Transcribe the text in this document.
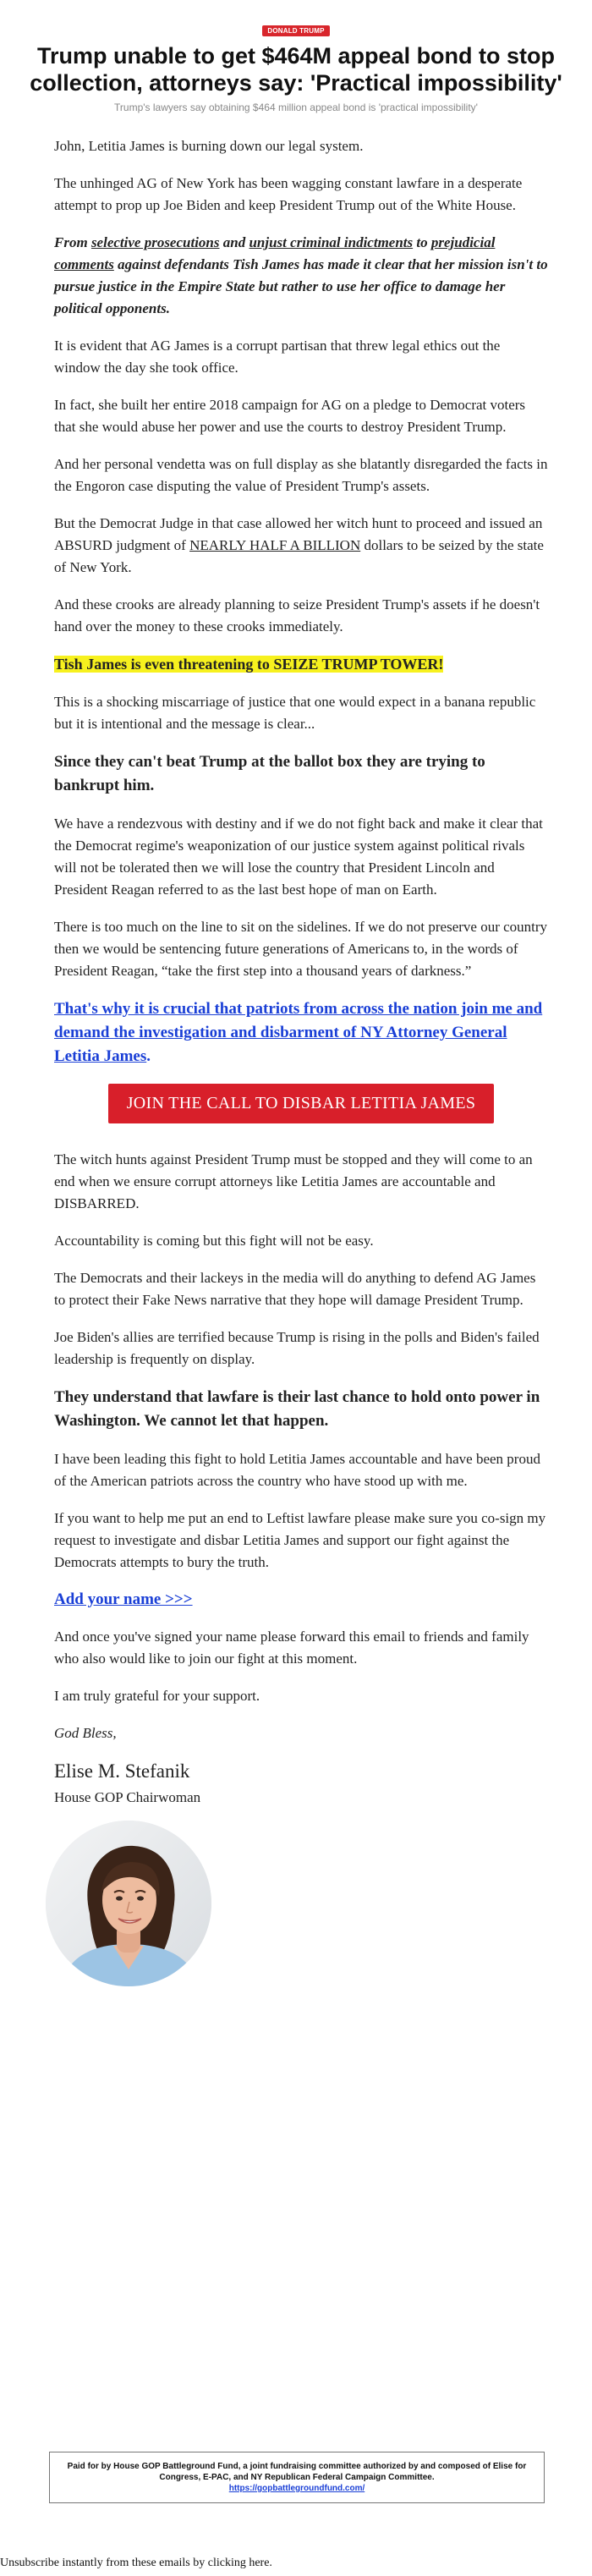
DONALD TRUMP
Trump unable to get $464M appeal bond to stop collection, attorneys say: 'Practical impossibility'

Trump's lawyers say obtaining $464 million appeal bond is 'practical impossibility'

John, Letitia James is burning down our legal system.

The unhinged AG of New York has been wagging constant lawfare in a desperate attempt to prop up Joe Biden and keep President Trump out of the White House.

From selective prosecutions and unjust criminal indictments to prejudicial comments against defendants Tish James has made it clear that her mission isn't to pursue justice in the Empire State but rather to use her office to damage her political opponents.

It is evident that AG James is a corrupt partisan that threw legal ethics out the window the day she took office.

In fact, she built her entire 2018 campaign for AG on a pledge to Democrat voters that she would abuse her power and use the courts to destroy President Trump.

And her personal vendetta was on full display as she blatantly disregarded the facts in the Engoron case disputing the value of President Trump's assets.

But the Democrat Judge in that case allowed her witch hunt to proceed and issued an ABSURD judgment of NEARLY HALF A BILLION dollars to be seized by the state of New York.

And these crooks are already planning to seize President Trump's assets if he doesn't hand over the money to these crooks immediately.

Tish James is even threatening to SEIZE TRUMP TOWER!

This is a shocking miscarriage of justice that one would expect in a banana republic but it is intentional and the message is clear...

Since they can't beat Trump at the ballot box they are trying to bankrupt him.

We have a rendezvous with destiny and if we do not fight back and make it clear that the Democrat regime's weaponization of our justice system against political rivals will not be tolerated then we will lose the country that President Lincoln and President Reagan referred to as the last best hope of man on Earth.

There is too much on the line to sit on the sidelines. If we do not preserve our country then we would be sentencing future generations of Americans to, in the words of President Reagan, “take the first step into a thousand years of darkness.”

That's why it is crucial that patriots from across the nation join me and demand the investigation and disbarment of NY Attorney General Letitia James.

JOIN THE CALL TO DISBAR LETITIA JAMES

The witch hunts against President Trump must be stopped and they will come to an end when we ensure corrupt attorneys like Letitia James are accountable and DISBARRED.

Accountability is coming but this fight will not be easy.

The Democrats and their lackeys in the media will do anything to defend AG James to protect their Fake News narrative that they hope will damage President Trump.

Joe Biden's allies are terrified because Trump is rising in the polls and Biden's failed leadership is frequently on display.

They understand that lawfare is their last chance to hold onto power in Washington. We cannot let that happen.

I have been leading this fight to hold Letitia James accountable and have been proud of the American patriots across the country who have stood up with me.

If you want to help me put an end to Leftist lawfare please make sure you co-sign my request to investigate and disbar Letitia James and support our fight against the Democrats attempts to bury the truth.

Add your name >>>

And once you've signed your name please forward this email to friends and family who also would like to join our fight at this moment.

I am truly grateful for your support.

God Bless,

Elise M. Stefanik

House GOP Chairwoman

Paid for by House GOP Battleground Fund, a joint fundraising committee authorized by and composed of Elise for Congress, E-PAC, and NY Republican Federal Campaign Committee.
https://gopbattlegroundfund.com/
Unsubscribe instantly from these emails by clicking here.
